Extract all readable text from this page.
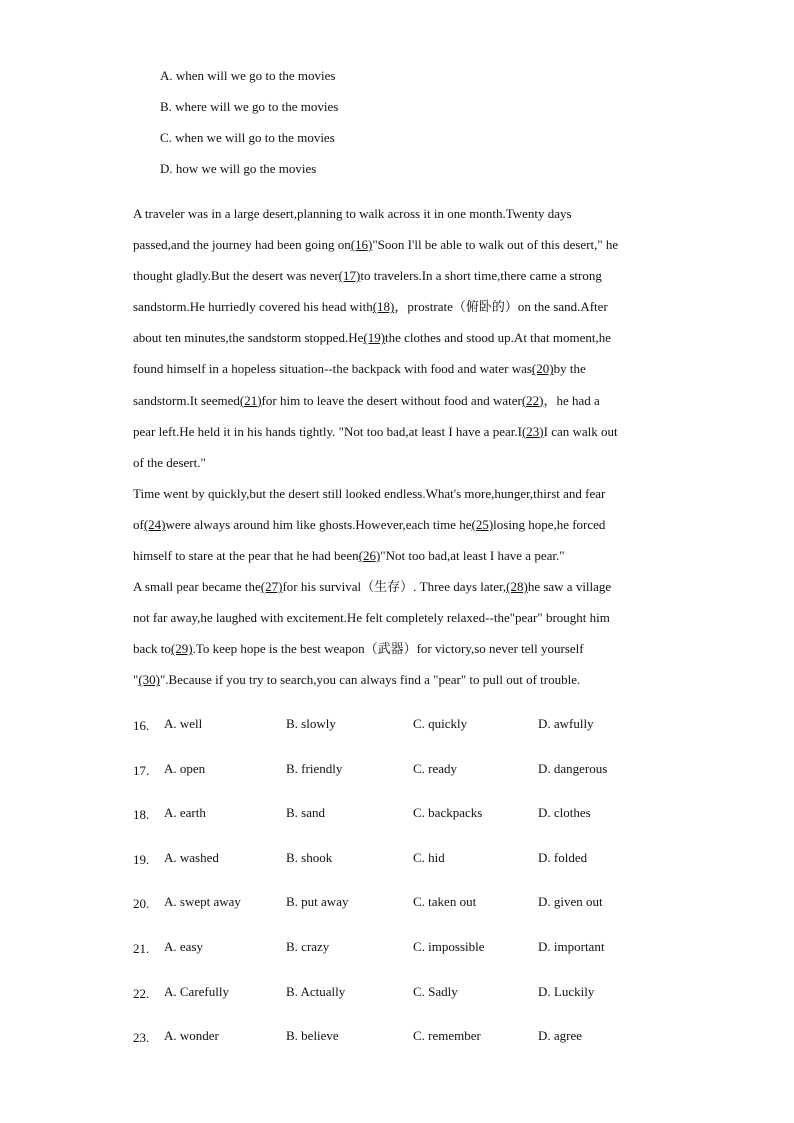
A. when will we go to the movies
B. where will we go to the movies
C. when we will go to the movies
D. how we will go the movies
A traveler was in a large desert,planning to walk across it in one month.Twenty days
passed,and the journey had been going on(16)"Soon I'll be able to walk out of this desert," he
thought gladly.But the desert was never(17)to travelers.In a short time,there came a strong
sandstorm.He hurriedly covered his head with(18)，prostrate（俯卧的）on the sand.After
about ten minutes,the sandstorm stopped.He(19)the clothes and stood up.At that moment,he
found himself in a hopeless situation--the backpack with food and water was(20)by the
sandstorm.It seemed(21)for him to leave the desert without food and water(22)，he had a
pear left.He held it in his hands tightly. "Not too bad,at least I have a pear.I(23)I can walk out
of the desert."
Time went by quickly,but the desert still looked endless.What's more,hunger,thirst and fear
of(24)were always around him like ghosts.However,each time he(25)losing hope,he forced
himself to stare at the pear that he had been(26)"Not too bad,at least I have a pear."
A small pear became the(27)for his survival（生存）. Three days later,(28)he saw a village
not far away,he laughed with excitement.He felt completely relaxed--the"pear" brought him
back to(29).To keep hope is the best weapon（武器）for victory,so never tell yourself
"(30)".Because if you try to search,you can always find a "pear" to pull out of trouble.
16. A. well	B. slowly	C. quickly	D. awfully
17. A. open	B. friendly	C. ready	D. dangerous
18. A. earth	B. sand	C. backpacks	D. clothes
19. A. washed	B. shook	C. hid	D. folded
20. A. swept away	B. put away	C. taken out	D. given out
21. A. easy	B. crazy	C. impossible	D. important
22. A. Carefully	B. Actually	C. Sadly	D. Luckily
23. A. wonder	B. believe	C. remember	D. agree
